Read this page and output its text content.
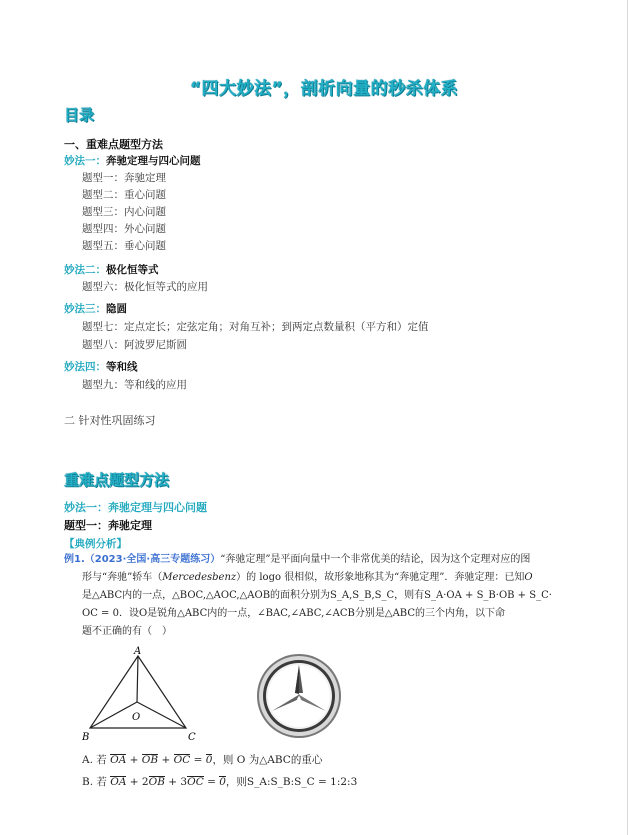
“四大妙法”，剖析向量的秒杀体系
目录
一、重难点题型方法
妙法一：奔驰定理与四心问题
题型一：奔驰定理
题型二：重心问题
题型三：内心问题
题型四：外心问题
题型五：垂心问题
妙法二：极化恒等式
题型六：极化恒等式的应用
妙法三：隐圆
题型七：定点定长；定弦定角；对角互补；到两定点数量积（平方和）定值
题型八：阿波罗尼斯圆
妙法四：等和线
题型九：等和线的应用
二 针对性巩固练习
重难点题型方法
妙法一：奔驰定理与四心问题
题型一：奔驰定理
【典例分析】

例1.（2023·全国·高三专题练习）“奔驰定理”是平面向量中一个非常优美的结论，因为这个定理对应的图

形与“奔驰”轿车（Mercedesbenz）的 logo 很相似，故形象地称其为“奔驰定理”．奔驰定理：已知O

是△ABC内的一点，△BOC,△AOC,△AOB的面积分别为S_A,S_B,S_C，则有S_A·OA + S_B·OB + S_C·

OC = 0．设O是锐角△ABC内的一点，∠BAC,∠ABC,∠ACB分别是△ABC的三个内角，以下命

题不正确的有（　）

A
B	C
O
A. 若 OA + OB + OC = 0，则 O 为△ABC的重心
B. 若 OA + 2OB + 3OC = 0，则S_A:S_B:S_C = 1:2:3
